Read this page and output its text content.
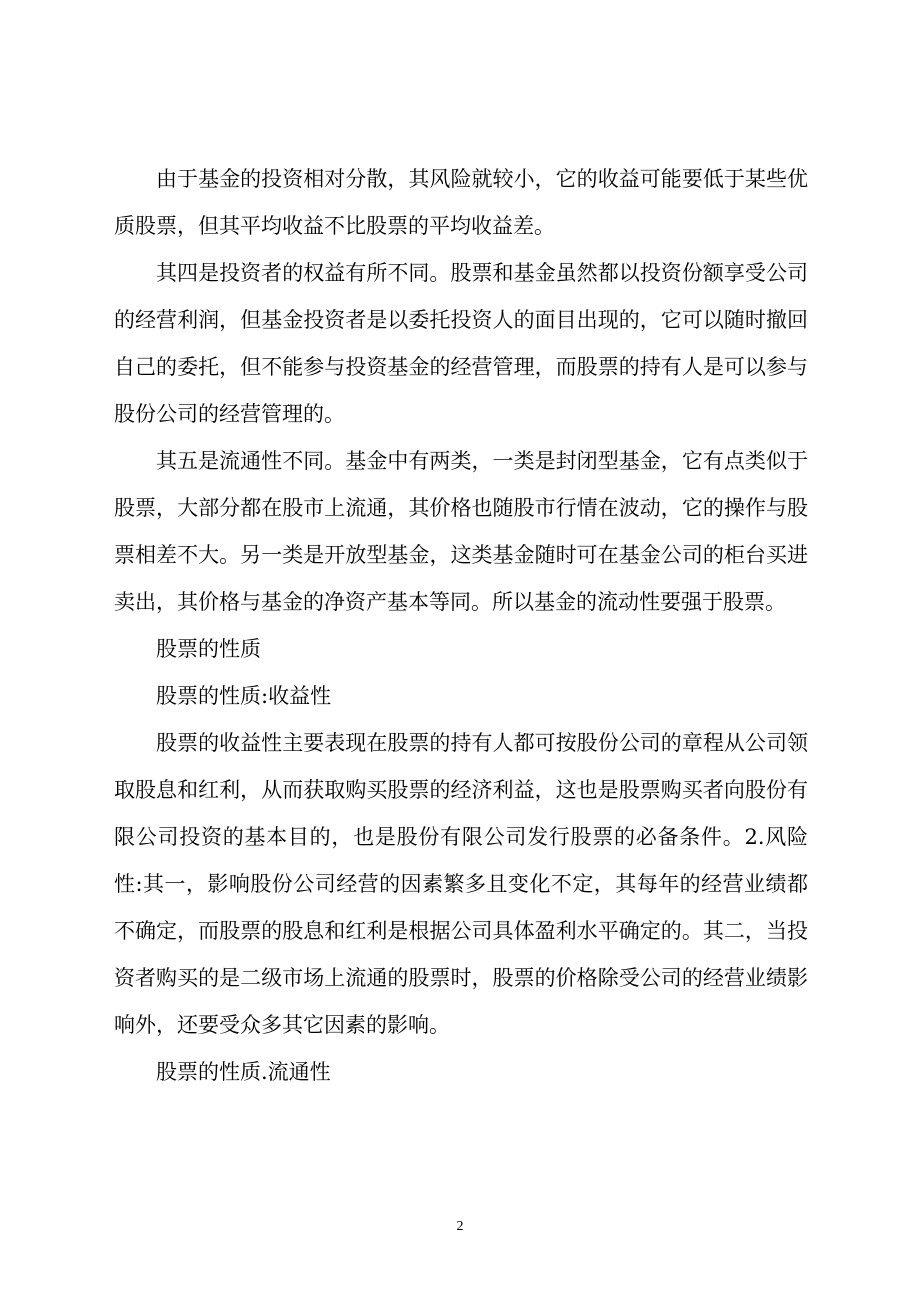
由于基金的投资相对分散，其风险就较小，它的收益可能要低于某些优质股票，但其平均收益不比股票的平均收益差。

其四是投资者的权益有所不同。股票和基金虽然都以投资份额享受公司的经营利润，但基金投资者是以委托投资人的面目出现的，它可以随时撤回自己的委托，但不能参与投资基金的经营管理，而股票的持有人是可以参与股份公司的经营管理的。

其五是流通性不同。基金中有两类，一类是封闭型基金，它有点类似于股票，大部分都在股市上流通，其价格也随股市行情在波动，它的操作与股票相差不大。另一类是开放型基金，这类基金随时可在基金公司的柜台买进卖出，其价格与基金的净资产基本等同。所以基金的流动性要强于股票。

股票的性质

股票的性质:收益性

股票的收益性主要表现在股票的持有人都可按股份公司的章程从公司领取股息和红利，从而获取购买股票的经济利益，这也是股票购买者向股份有限公司投资的基本目的，也是股份有限公司发行股票的必备条件。2.风险性:其一，影响股份公司经营的因素繁多且变化不定，其每年的经营业绩都不确定，而股票的股息和红利是根据公司具体盈利水平确定的。其二，当投资者购买的是二级市场上流通的股票时，股票的价格除受公司的经营业绩影响外，还要受众多其它因素的影响。

股票的性质.流通性

2
